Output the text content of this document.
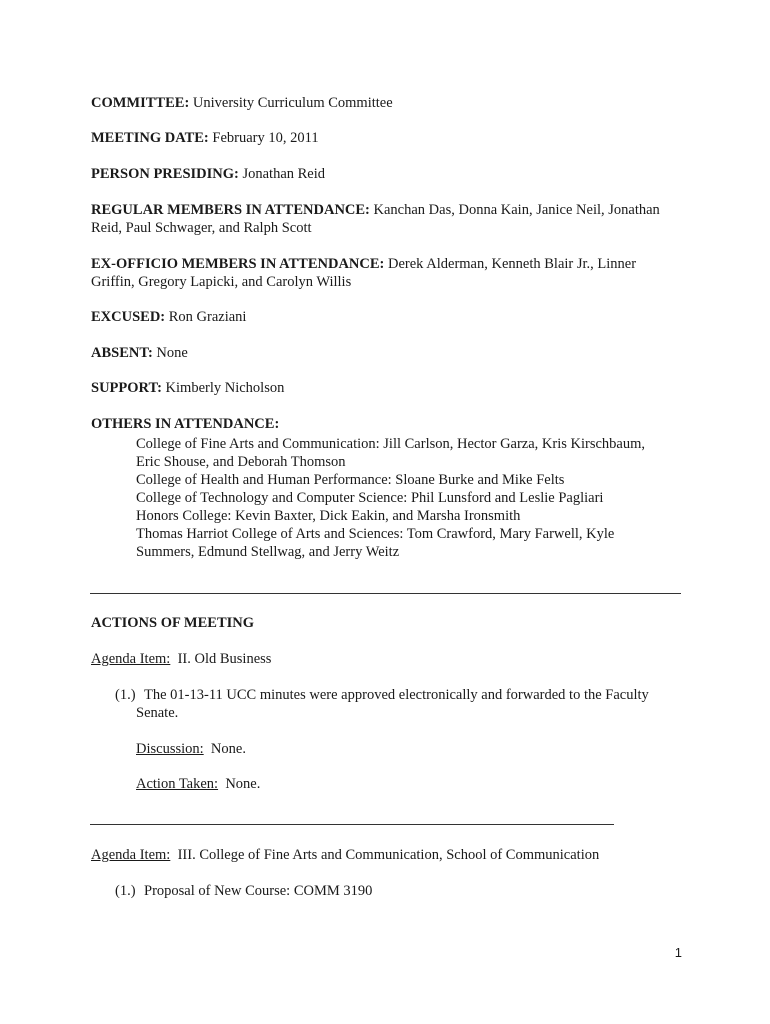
COMMITTEE: University Curriculum Committee
MEETING DATE: February 10, 2011
PERSON PRESIDING: Jonathan Reid
REGULAR MEMBERS IN ATTENDANCE: Kanchan Das, Donna Kain, Janice Neil, Jonathan
Reid, Paul Schwager, and Ralph Scott
EX-OFFICIO MEMBERS IN ATTENDANCE: Derek Alderman, Kenneth Blair Jr., Linner
Griffin, Gregory Lapicki, and Carolyn Willis
EXCUSED: Ron Graziani
ABSENT: None
SUPPORT: Kimberly Nicholson
OTHERS IN ATTENDANCE:
College of Fine Arts and Communication: Jill Carlson, Hector Garza, Kris Kirschbaum,
Eric Shouse, and Deborah Thomson
College of Health and Human Performance: Sloane Burke and Mike Felts
College of Technology and Computer Science: Phil Lunsford and Leslie Pagliari
Honors College: Kevin Baxter, Dick Eakin, and Marsha Ironsmith
Thomas Harriot College of Arts and Sciences: Tom Crawford, Mary Farwell, Kyle
Summers, Edmund Stellwag, and Jerry Weitz
ACTIONS OF MEETING
Agenda Item: II. Old Business
(1.) The 01-13-11 UCC minutes were approved electronically and forwarded to the Faculty
Senate.
Discussion: None.
Action Taken: None.
Agenda Item: III. College of Fine Arts and Communication, School of Communication
(1.) Proposal of New Course: COMM 3190
1
